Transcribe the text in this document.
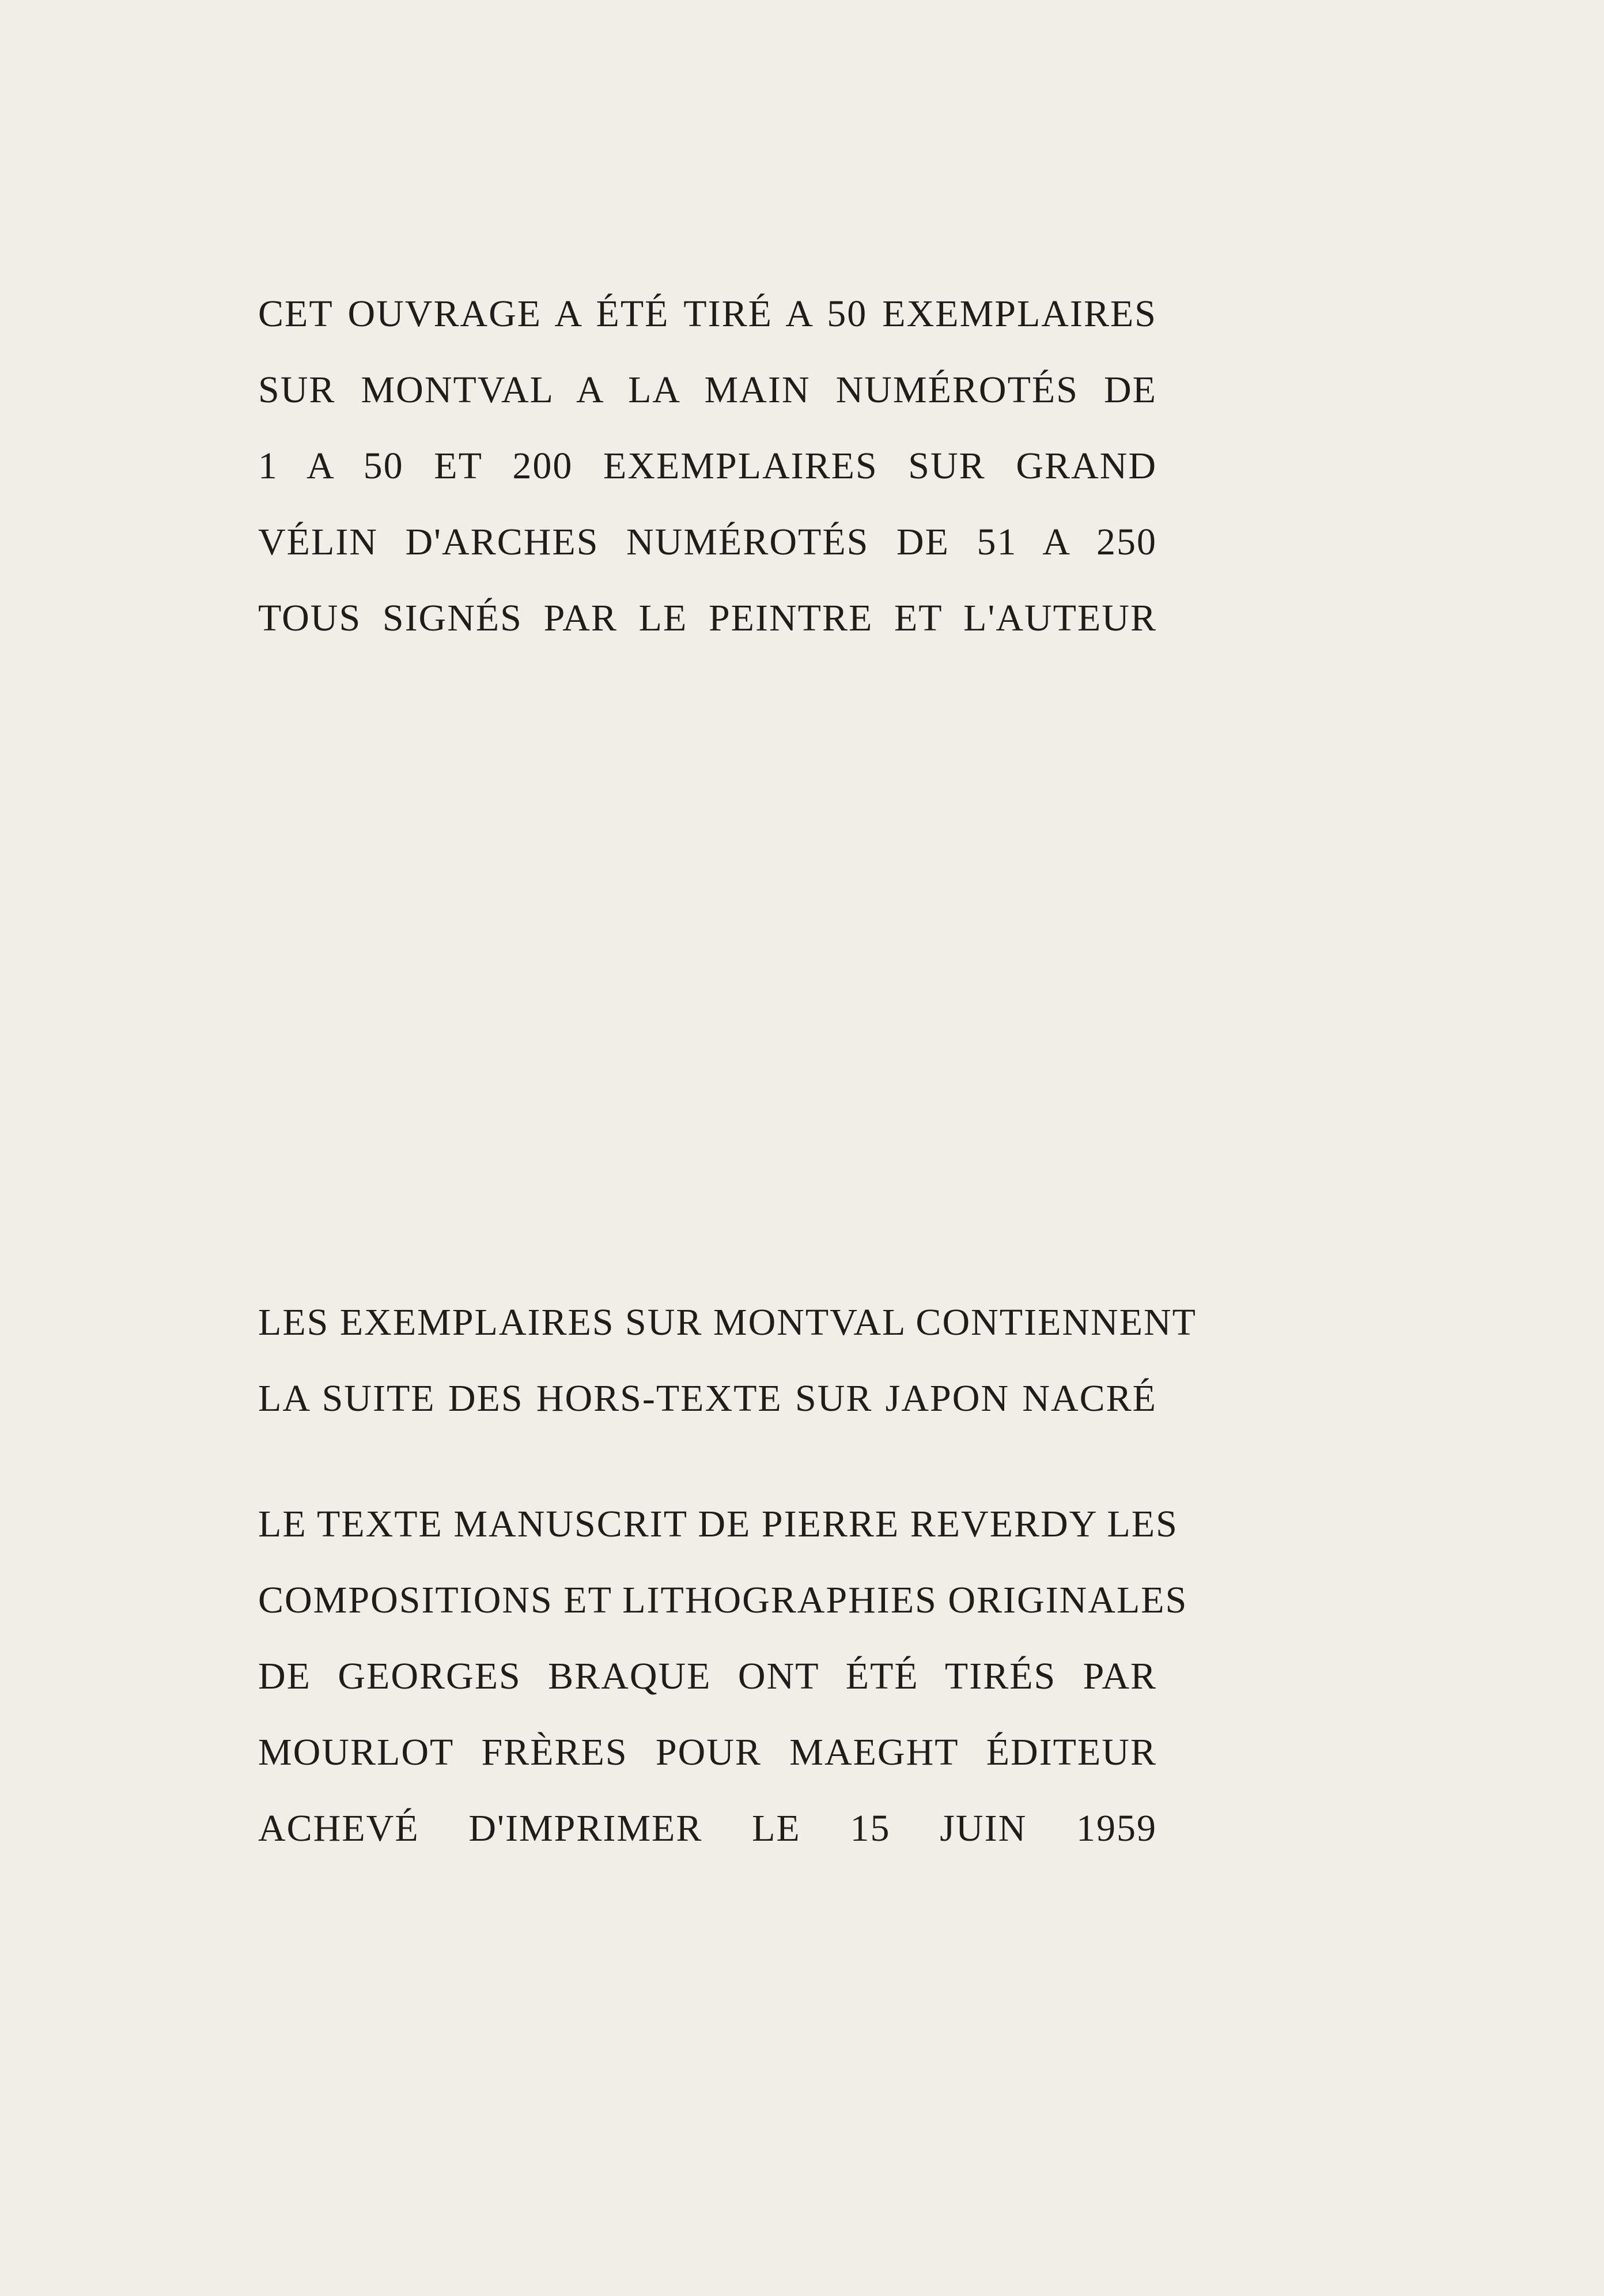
CET OUVRAGE A ÉTÉ TIRÉ A 50 EXEMPLAIRES
SUR MONTVAL A LA MAIN NUMÉROTÉS DE
1 A 50 ET 200 EXEMPLAIRES SUR GRAND
VÉLIN D'ARCHES NUMÉROTÉS DE 51 A 250
TOUS SIGNÉS PAR LE PEINTRE ET L'AUTEUR
LES EXEMPLAIRES SUR MONTVAL CONTIENNENT
LA SUITE DES HORS-TEXTE SUR JAPON NACRÉ
LE TEXTE MANUSCRIT DE PIERRE REVERDY LES
COMPOSITIONS ET LITHOGRAPHIES ORIGINALES
DE GEORGES BRAQUE ONT ÉTÉ TIRÉS PAR
MOURLOT FRÈRES POUR MAEGHT ÉDITEUR
ACHEVÉ D'IMPRIMER LE 15 JUIN 1959
